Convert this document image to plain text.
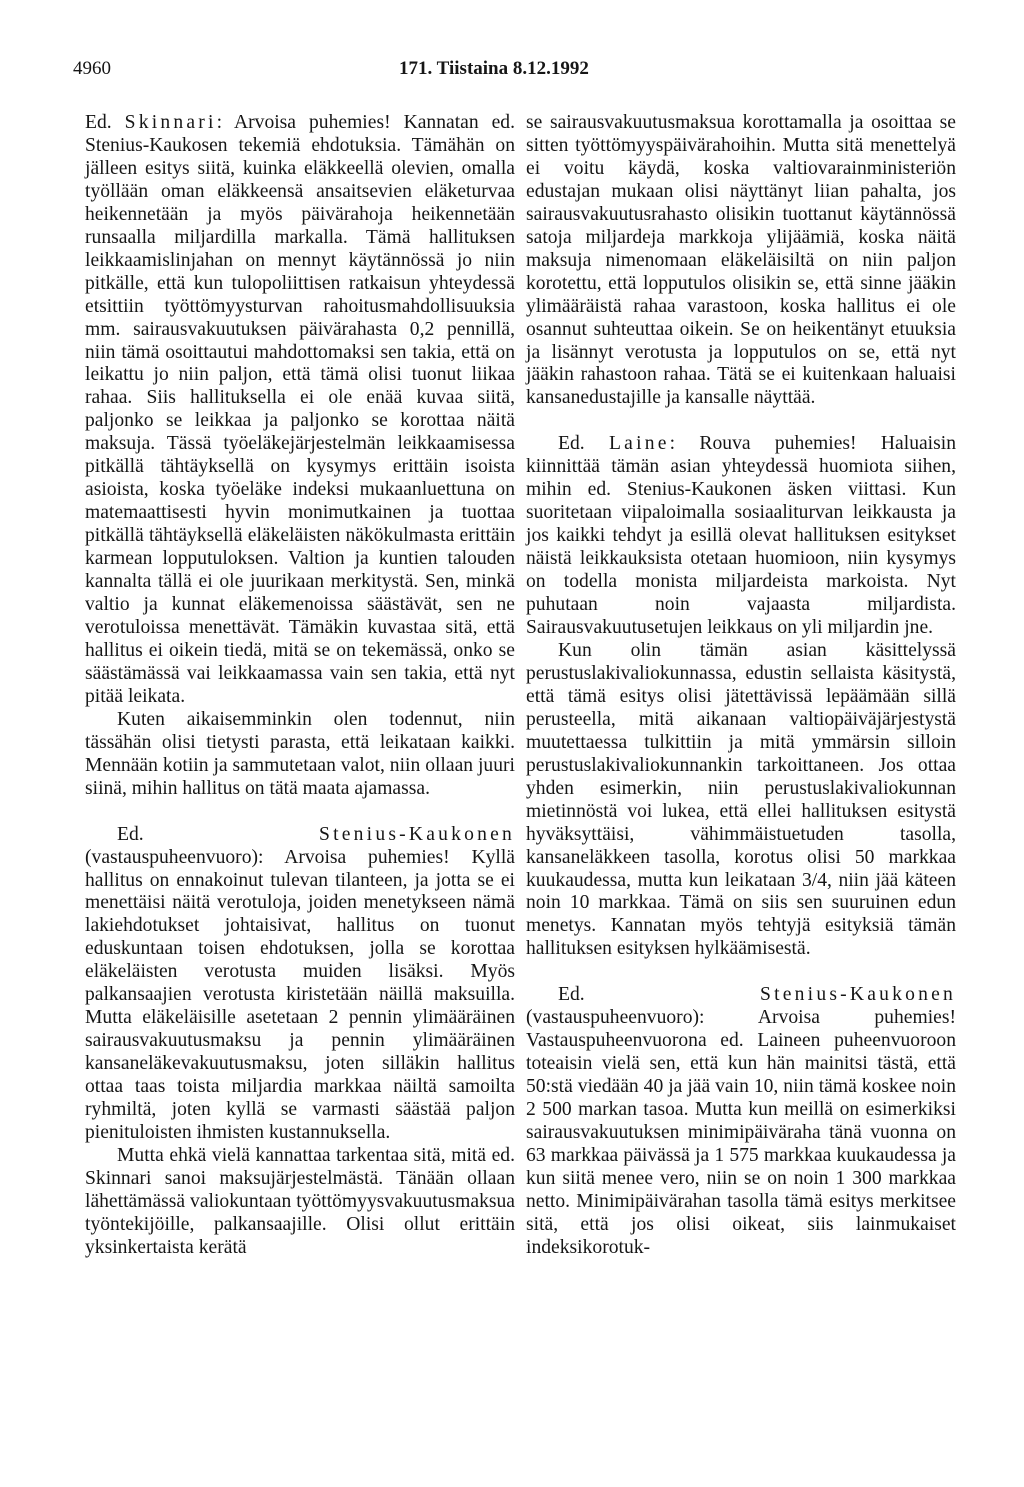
4960	171. Tiistaina 8.12.1992

Ed. Skinnari: Arvoisa puhemies! Kannatan ed. Stenius-Kaukosen tekemiä ehdotuksia. Tämähän on jälleen esitys siitä, kuinka eläkkeellä olevien, omalla työllään oman eläkkeensä ansaitsevien eläketurvaa heikennetään ja myös päivärahoja heikennetään runsaalla miljardilla markalla. Tämä hallituksen leikkaamislinjahan on mennyt käytännössä jo niin pitkälle, että kun tulopoliittisen ratkaisun yhteydessä etsittiin työttömyysturvan rahoitusmahdollisuuksia mm. sairausvakuutuksen päivärahasta 0,2 pennillä, niin tämä osoittautui mahdottomaksi sen takia, että on leikattu jo niin paljon, että tämä olisi tuonut liikaa rahaa. Siis hallituksella ei ole enää kuvaa siitä, paljonko se leikkaa ja paljonko se korottaa näitä maksuja. Tässä työeläkejärjestelmän leikkaamisessa pitkällä tähtäyksellä on kysymys erittäin isoista asioista, koska työeläke indeksi mukaanluettuna on matemaattisesti hyvin monimutkainen ja tuottaa pitkällä tähtäyksellä eläkeläisten näkökulmasta erittäin karmean lopputuloksen. Valtion ja kuntien talouden kannalta tällä ei ole juurikaan merkitystä. Sen, minkä valtio ja kunnat eläkemenoissa säästävät, sen ne verotuloissa menettävät. Tämäkin kuvastaa sitä, että hallitus ei oikein tiedä, mitä se on tekemässä, onko se säästämässä vai leikkaamassa vain sen takia, että nyt pitää leikata.

Kuten aikaisemminkin olen todennut, niin tässähän olisi tietysti parasta, että leikataan kaikki. Mennään kotiin ja sammutetaan valot, niin ollaan juuri siinä, mihin hallitus on tätä maata ajamassa.

Ed. Stenius-Kaukonen (vastauspuheenvuoro): Arvoisa puhemies! Kyllä hallitus on ennakoinut tulevan tilanteen, ja jotta se ei menettäisi näitä verotuloja, joiden menetykseen nämä lakiehdotukset johtaisivat, hallitus on tuonut eduskuntaan toisen ehdotuksen, jolla se korottaa eläkeläisten verotusta muiden lisäksi. Myös palkansaajien verotusta kiristetään näillä maksuilla. Mutta eläkeläisille asetetaan 2 pennin ylimääräinen sairausvakuutusmaksu ja pennin ylimääräinen kansaneläkevakuutusmaksu, joten silläkin hallitus ottaa taas toista miljardia markkaa näiltä samoilta ryhmiltä, joten kyllä se varmasti säästää paljon pienituloisten ihmisten kustannuksella.

Mutta ehkä vielä kannattaa tarkentaa sitä, mitä ed. Skinnari sanoi maksujärjestelmästä. Tänään ollaan lähettämässä valiokuntaan työttömyysvakuutusmaksua työntekijöille, palkansaajille. Olisi ollut erittäin yksinkertaista kerätä

se sairausvakuutusmaksua korottamalla ja osoittaa se sitten työttömyyspäivärahoihin. Mutta sitä menettelyä ei voitu käydä, koska valtiovarainministeriön edustajan mukaan olisi näyttänyt liian pahalta, jos sairausvakuutusrahasto olisikin tuottanut käytännössä satoja miljardeja markkoja ylijäämiä, koska näitä maksuja nimenomaan eläkeläisiltä on niin paljon korotettu, että lopputulos olisikin se, että sinne jääkin ylimääräistä rahaa varastoon, koska hallitus ei ole osannut suhteuttaa oikein. Se on heikentänyt etuuksia ja lisännyt verotusta ja lopputulos on se, että nyt jääkin rahastoon rahaa. Tätä se ei kuitenkaan haluaisi kansanedustajille ja kansalle näyttää.

Ed. Laine: Rouva puhemies! Haluaisin kiinnittää tämän asian yhteydessä huomiota siihen, mihin ed. Stenius-Kaukonen äsken viittasi. Kun suoritetaan viipaloimalla sosiaaliturvan leikkausta ja jos kaikki tehdyt ja esillä olevat hallituksen esitykset näistä leikkauksista otetaan huomioon, niin kysymys on todella monista miljardeista markoista. Nyt puhutaan noin vajaasta miljardista. Sairausvakuutusetujen leikkaus on yli miljardin jne.

Kun olin tämän asian käsittelyssä perustuslakivaliokunnassa, edustin sellaista käsitystä, että tämä esitys olisi jätettävissä lepäämään sillä perusteella, mitä aikanaan valtiopäiväjärjestystä muutettaessa tulkittiin ja mitä ymmärsin silloin perustuslakivaliokunnankin tarkoittaneen. Jos ottaa yhden esimerkin, niin perustuslakivaliokunnan mietinnöstä voi lukea, että ellei hallituksen esitystä hyväksyttäisi, vähimmäistuetuden tasolla, kansaneläkkeen tasolla, korotus olisi 50 markkaa kuukaudessa, mutta kun leikataan 3/4, niin jää käteen noin 10 markkaa. Tämä on siis sen suuruinen edun menetys. Kannatan myös tehtyjä esityksiä tämän hallituksen esityksen hylkäämisestä.

Ed. Stenius-Kaukonen (vastauspuheenvuoro): Arvoisa puhemies! Vastauspuheenvuorona ed. Laineen puheenvuoroon toteaisin vielä sen, että kun hän mainitsi tästä, että 50:stä viedään 40 ja jää vain 10, niin tämä koskee noin 2 500 markan tasoa. Mutta kun meillä on esimerkiksi sairausvakuutuksen minimipäiväraha tänä vuonna on 63 markkaa päivässä ja 1 575 markkaa kuukaudessa ja kun siitä menee vero, niin se on noin 1 300 markkaa netto. Minimipäivärahan tasolla tämä esitys merkitsee sitä, että jos olisi oikeat, siis lainmukaiset indeksikorotuk-
